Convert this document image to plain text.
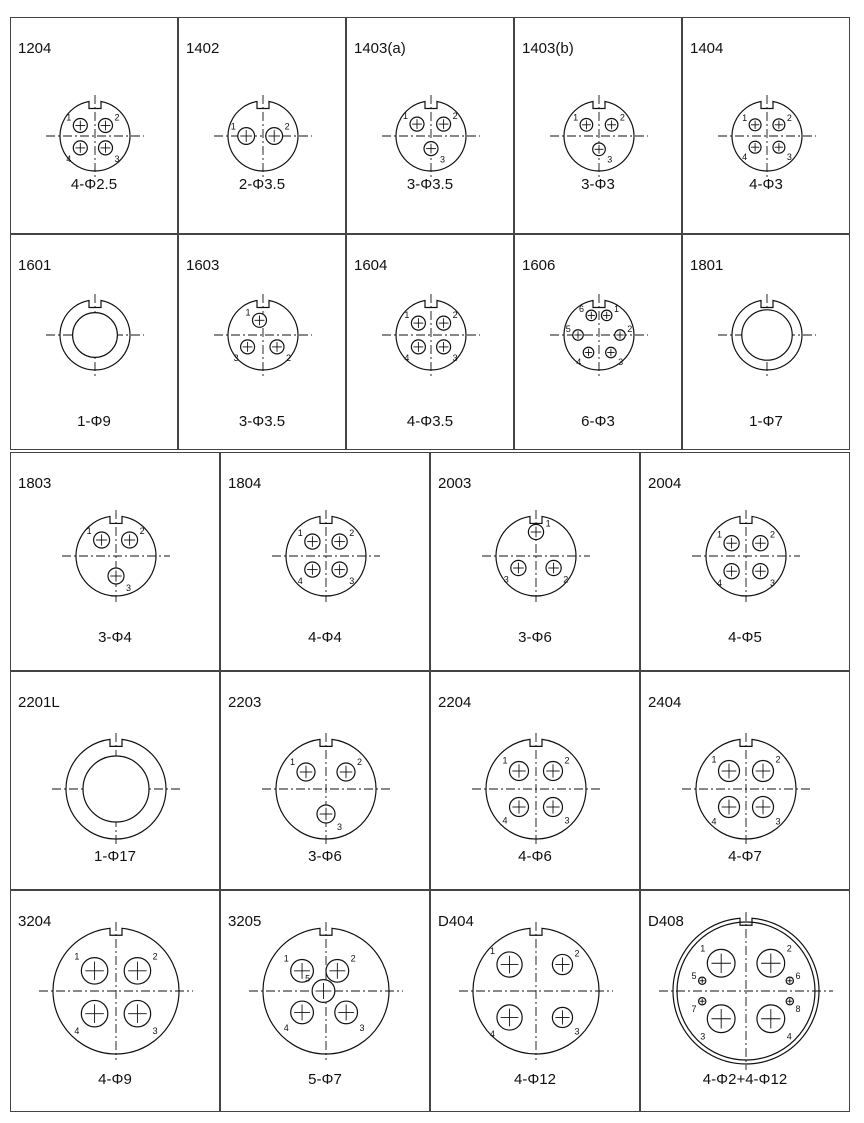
1204
1	2
4	3
4-Φ2.5
1402
1	2
2-Φ3.5
1403(a)
1	2
3
3-Φ3.5
1403(b)
1	2
3
3-Φ3
1404
1	2
4	3
4-Φ3
1601
1-Φ9
1603
1
2
3
3-Φ3.5
1604
1	2
4	3
4-Φ3.5
1606
1
2
3
4
5
6
6-Φ3
1801
1-Φ7
1803
1	2
3
3-Φ4
1804
1	2
4	3
4-Φ4
2003
1
2
3
3-Φ6
2004
1	2
4	3
4-Φ5
2201L
1-Φ17
2203
1	2
3
3-Φ6
2204
1	2
4	3
4-Φ6
2404
1	2
4	3
4-Φ7
3204
1	2
4	3
4-Φ9
3205
1	2
3
4
5
5-Φ7
D404
1	2
4	3
4-Φ12
D408
1	2
3	4
5	6
7	8
4-Φ2+4-Φ12
